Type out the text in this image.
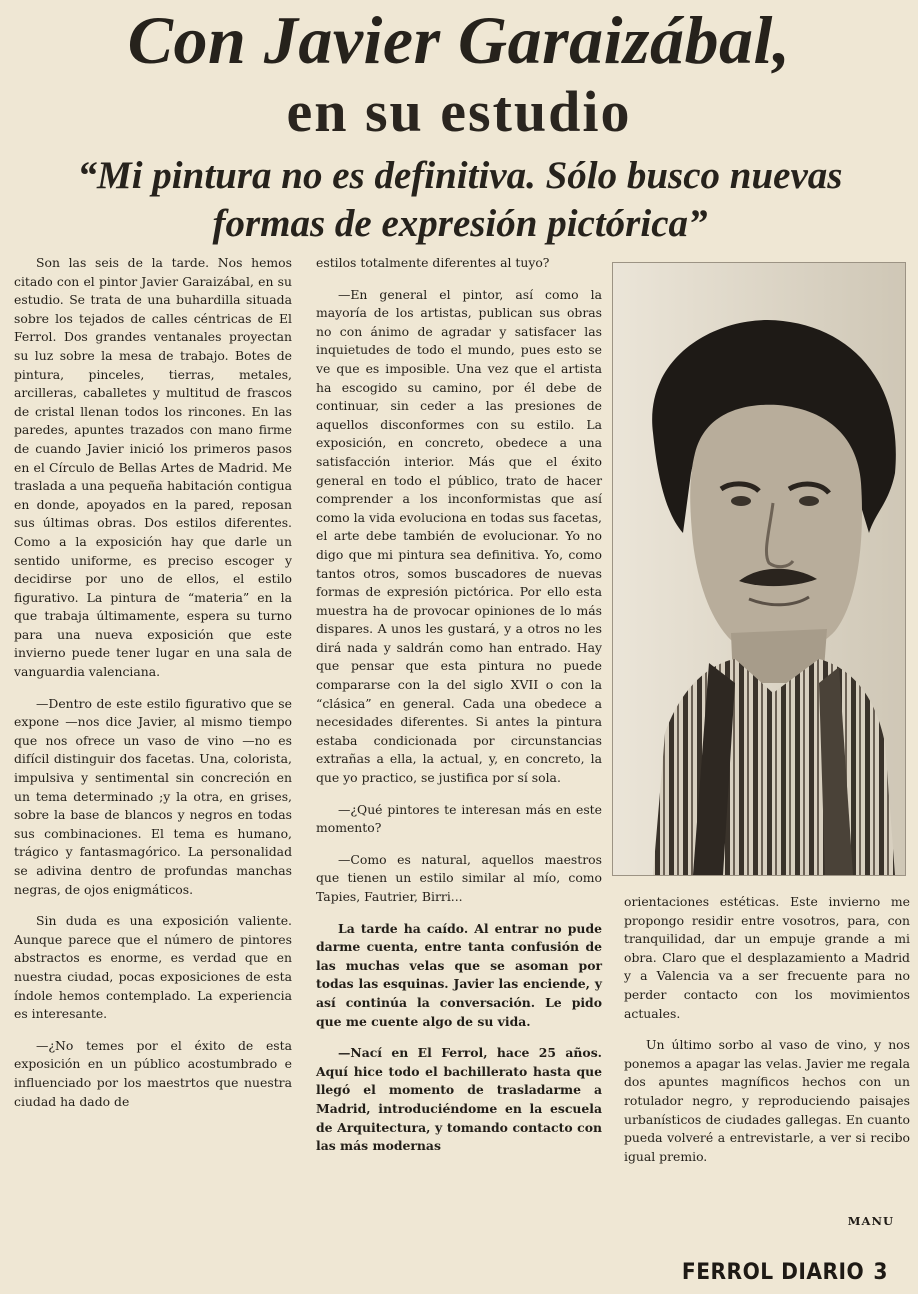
Con Javier Garaizábal,
en su estudio
“Mi pintura no es definitiva. Sólo busco nuevas formas de expresión pictórica”

Son las seis de la tarde. Nos hemos citado con el pintor Javier Garaizábal, en su estudio. Se trata de una buhardilla situada sobre los tejados de calles céntricas de El Ferrol. Dos grandes ventanales proyectan su luz sobre la mesa de trabajo. Botes de pintura, pinceles, tierras, metales, arcilleras, caballetes y multitud de frascos de cristal llenan todos los rincones. En las paredes, apuntes trazados con mano firme de cuando Javier inició los primeros pasos en el Círculo de Bellas Artes de Madrid. Me traslada a una pequeña habitación contigua en donde, apoyados en la pared, reposan sus últimas obras. Dos estilos diferentes. Como a la exposición hay que darle un sentido uniforme, es preciso escoger y decidirse por uno de ellos, el estilo figurativo. La pintura de “materia” en la que trabaja últimamente, espera su turno para una nueva exposición que este invierno puede tener lugar en una sala de vanguardia valenciana.

—Dentro de este estilo figurativo que se expone —nos dice Javier, al mismo tiempo que nos ofrece un vaso de vino —no es difícil distinguir dos facetas. Una, colorista, impulsiva y sentimental sin concreción en un tema determinado ;y la otra, en grises, sobre la base de blancos y negros en todas sus combinaciones. El tema es humano, trágico y fantasmagórico. La personalidad se adivina dentro de profundas manchas negras, de ojos enigmáticos.

Sin duda es una exposición valiente. Aunque parece que el número de pintores abstractos es enorme, es verdad que en nuestra ciudad, pocas exposiciones de esta índole hemos contemplado. La experiencia es interesante.

—¿No temes por el éxito de esta exposición en un público acostumbrado e influenciado por los maestrtos que nuestra ciudad ha dado de

estilos totalmente diferentes al tuyo?

—En general el pintor, así como la mayoría de los artistas, publican sus obras no con ánimo de agradar y satisfacer las inquietudes de todo el mundo, pues esto se ve que es imposible. Una vez que el artista ha escogido su camino, por él debe de continuar, sin ceder a las presiones de aquellos disconformes con su estilo. La exposición, en concreto, obedece a una satisfacción interior. Más que el éxito general en todo el público, trato de hacer comprender a los inconformistas que así como la vida evoluciona en todas sus facetas, el arte debe también de evolucionar. Yo no digo que mi pintura sea definitiva. Yo, como tantos otros, somos buscadores de nuevas formas de expresión pictórica. Por ello esta muestra ha de provocar opiniones de lo más dispares. A unos les gustará, y a otros no les dirá nada y saldrán como han entrado. Hay que pensar que esta pintura no puede compararse con la del siglo XVII o con la “clásica” en general. Cada una obedece a necesidades diferentes. Si antes la pintura estaba condicionada por circunstancias extrañas a ella, la actual, y, en concreto, la que yo practico, se justifica por sí sola.

—¿Qué pintores te interesan más en este momento?

—Como es natural, aquellos maestros que tienen un estilo similar al mío, como Tapies, Fautrier, Birri...

La tarde ha caído. Al entrar no pude darme cuenta, entre tanta confusión de las muchas velas que se asoman por todas las esquinas. Javier las enciende, y así continúa la conversación. Le pido que me cuente algo de su vida.

—Nací en El Ferrol, hace 25 años. Aquí hice todo el bachillerato hasta que llegó el momento de trasladarme a Madrid, introduciéndome en la escuela de Arquitectura, y tomando contacto con las más modernas

orientaciones estéticas. Este invierno me propongo residir entre vosotros, para, con tranquilidad, dar un empuje grande a mi obra. Claro que el desplazamiento a Madrid y a Valencia va a ser frecuente para no perder contacto con los movimientos actuales.

Un último sorbo al vaso de vino, y nos ponemos a apagar las velas. Javier me regala dos apuntes magníficos hechos con un rotulador negro, y reproduciendo paisajes urbanísticos de ciudades gallegas. En cuanto pueda volveré a entrevistarle, a ver si recibo igual premio.

MANU
FERROL DIARIO 3
